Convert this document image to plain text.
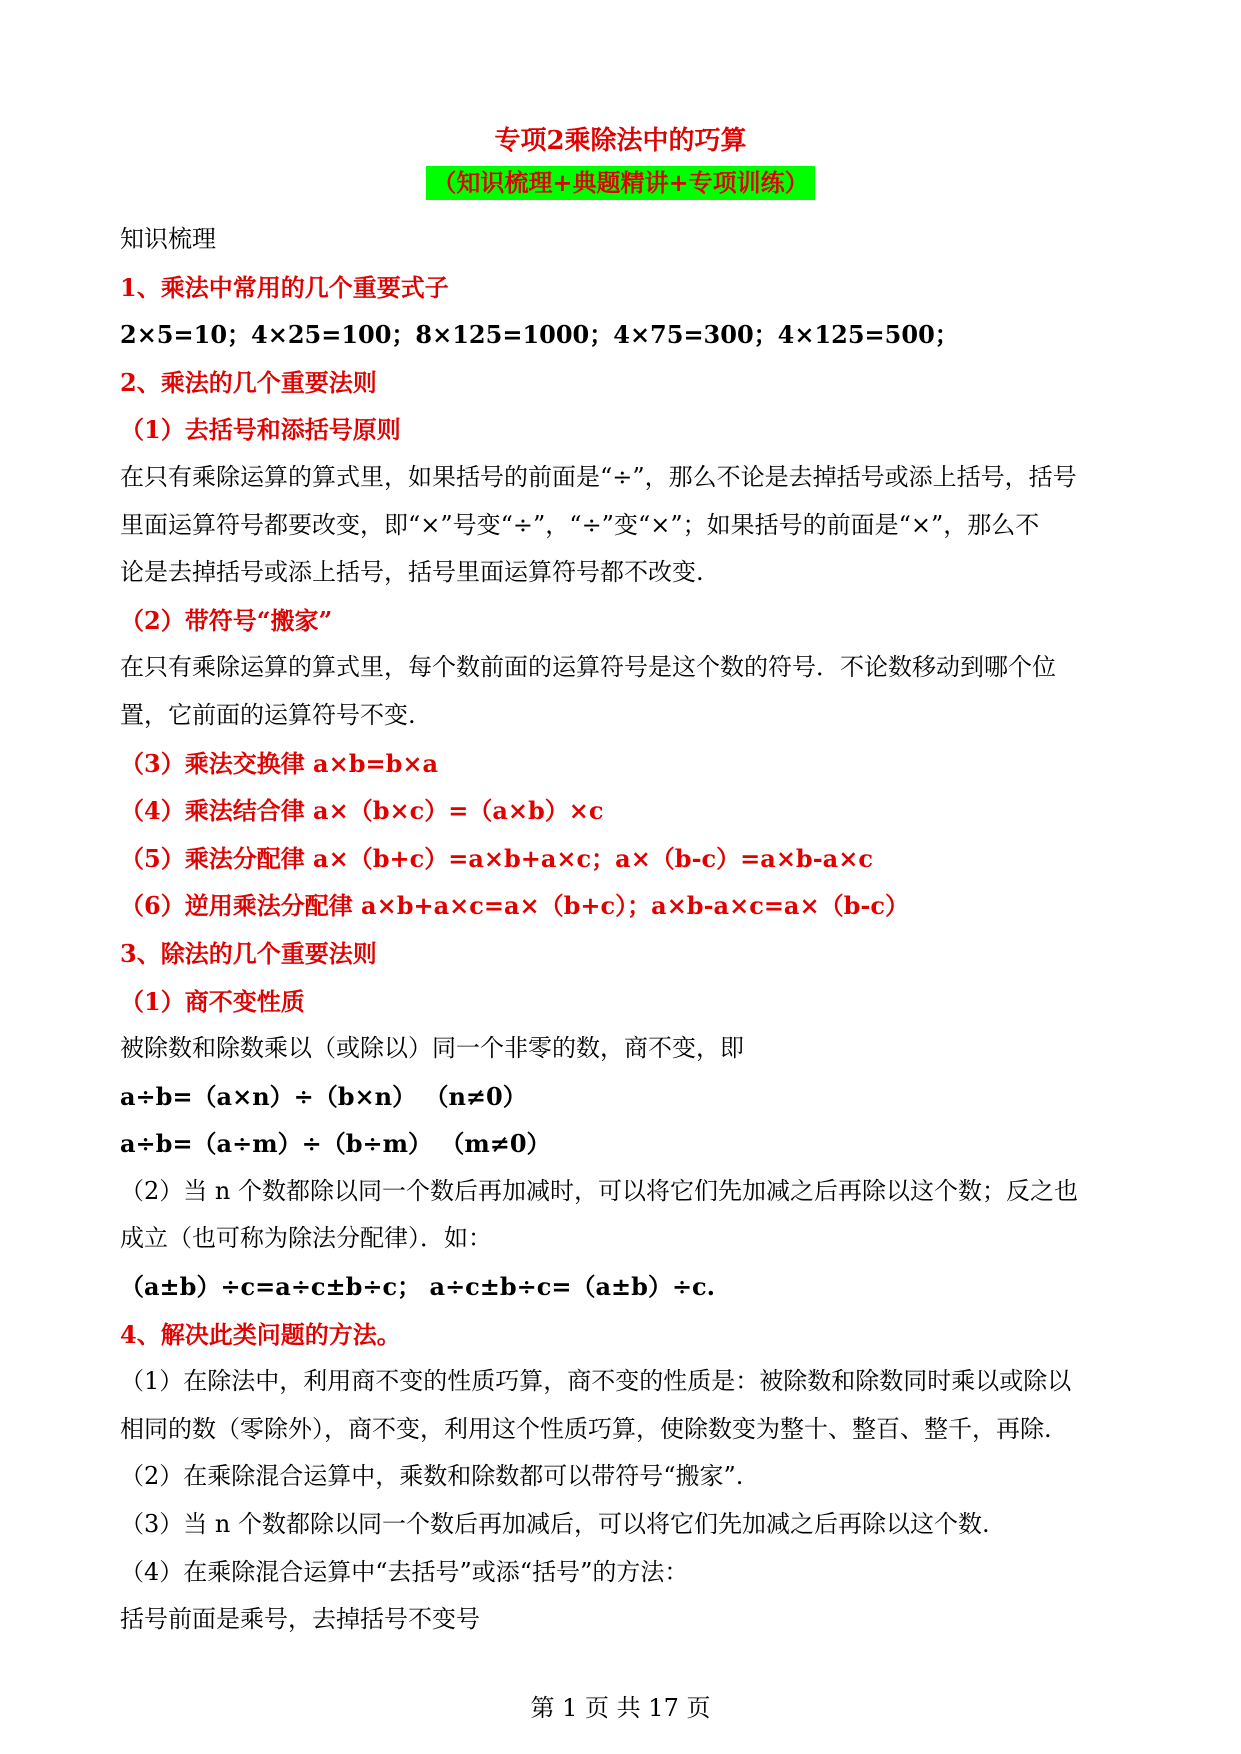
专项2乘除法中的巧算
（知识梳理+典题精讲+专项训练）
知识梳理
1、乘法中常用的几个重要式子
2×5=10；4×25=100；8×125=1000；4×75=300；4×125=500；
2、乘法的几个重要法则
（1）去括号和添括号原则
在只有乘除运算的算式里，如果括号的前面是“÷”，那么不论是去掉括号或添上括号，括号
里面运算符号都要改变，即“×”号变“÷”，“÷”变“×”；如果括号的前面是“×”，那么不
论是去掉括号或添上括号，括号里面运算符号都不改变.
（2）带符号“搬家”
在只有乘除运算的算式里，每个数前面的运算符号是这个数的符号．不论数移动到哪个位
置，它前面的运算符号不变.
（3）乘法交换律 a×b=b×a
（4）乘法结合律 a×（b×c）=（a×b）×c
（5）乘法分配律 a×（b+c）=a×b+a×c；a×（b-c）=a×b-a×c
（6）逆用乘法分配律 a×b+a×c=a×（b+c）；a×b-a×c=a×（b-c）
3、除法的几个重要法则
（1）商不变性质
被除数和除数乘以（或除以）同一个非零的数，商不变，即
a÷b=（a×n）÷（b×n） （n≠0）
a÷b=（a÷m）÷（b÷m） （m≠0）
（2）当 n 个数都除以同一个数后再加减时，可以将它们先加减之后再除以这个数；反之也
成立（也可称为除法分配律）．如：
（a±b）÷c=a÷c±b÷c； a÷c±b÷c=（a±b）÷c.
4、解决此类问题的方法。
（1）在除法中，利用商不变的性质巧算，商不变的性质是：被除数和除数同时乘以或除以
相同的数（零除外），商不变，利用这个性质巧算，使除数变为整十、整百、整千，再除.
（2）在乘除混合运算中，乘数和除数都可以带符号“搬家”.
（3）当 n 个数都除以同一个数后再加减后，可以将它们先加减之后再除以这个数.
（4）在乘除混合运算中“去括号”或添“括号”的方法：
括号前面是乘号，去掉括号不变号
第 1 页 共 17 页
